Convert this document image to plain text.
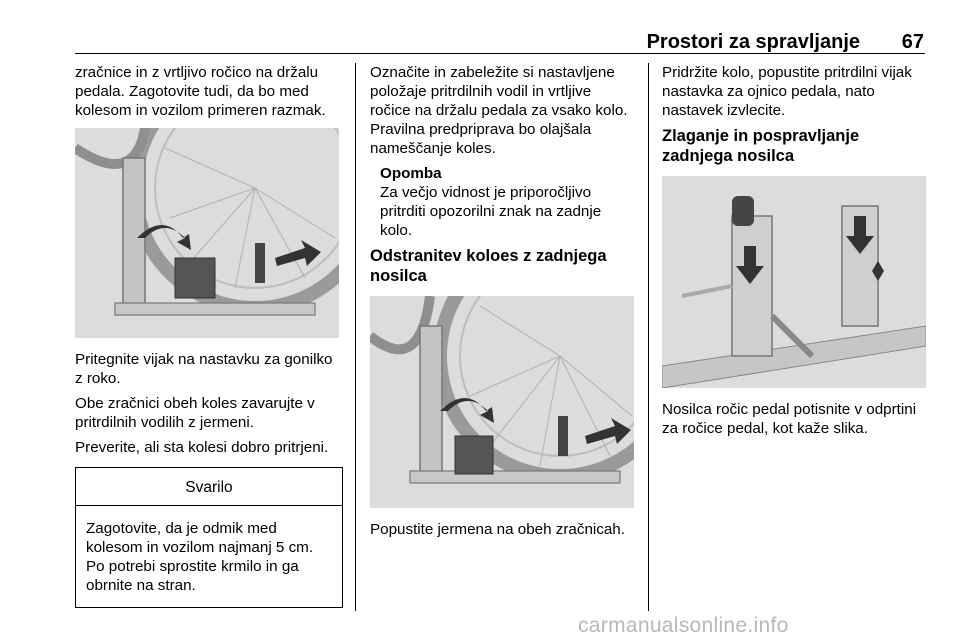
Prostori za spravljanje 67

zračnice in z vrtljivo ročico na držalu pedala. Zagotovite tudi, da bo med kolesom in vozilom primeren razmak.

Pritegnite vijak na nastavku za gonilko z roko.

Obe zračnici obeh koles zavarujte v pritrdilnih vodilih z jermeni.

Preverite, ali sta kolesi dobro pritrjeni.

Svarilo
Zagotovite, da je odmik med kolesom in vozilom najmanj 5 cm. Po potrebi sprostite krmilo in ga obrnite na stran.

Označite in zabeležite si nastavljene položaje pritrdilnih vodil in vrtljive ročice na držalu pedala za vsako kolo. Pravilna predpriprava bo olajšala nameščanje koles.

Opomba
Za večjo vidnost je priporočljivo pritrditi opozorilni znak na zadnje kolo.
Odstranitev koloes z zadnjega nosilca

Popustite jermena na obeh zračnicah.

Pridržite kolo, popustite pritrdilni vijak nastavka za ojnico pedala, nato nastavek izvlecite.

Zlaganje in pospravljanje zadnjega nosilca

Nosilca ročic pedal potisnite v odprtini za ročice pedal, kot kaže slika.

carmanualsonline.info
